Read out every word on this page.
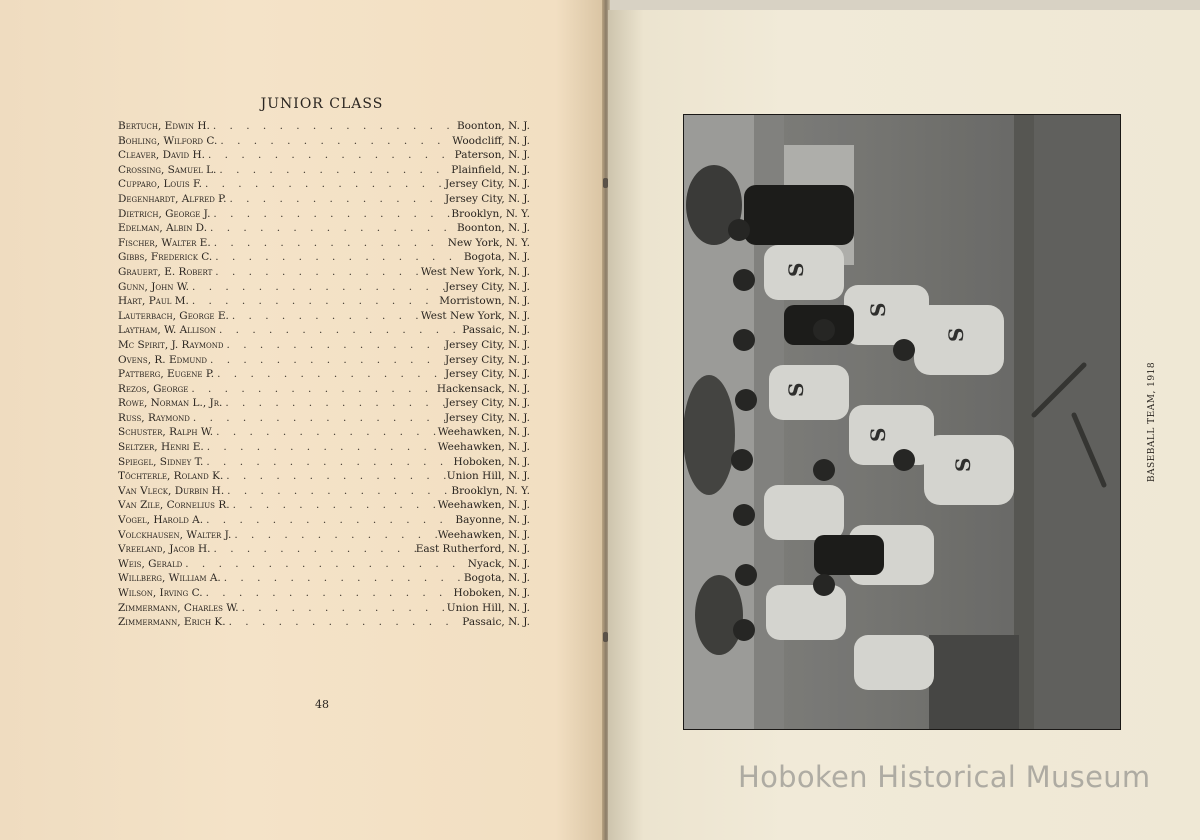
JUNIOR CLASS
Bertuch, Edwin H. . . .	Boonton, N. J.
Bohling, Wilford C. . . .	Woodcliff, N. J.
Cleaver, David H. . . .	Paterson, N. J.
Crossing, Samuel L. . . .	Plainfield, N. J.
Cupparo, Louis F. . . .	Jersey City, N. J.
Degenhardt, Alfred P. . . .	Jersey City, N. J.
Dietrich, George J. . . .	Brooklyn, N. Y.
Edelman, Albin D. . . .	Boonton, N. J.
Fischer, Walter E. . . .	New York, N. Y.
Gibbs, Frederick C. . . .	Bogota, N. J.
Grauert, E. Robert . . .	West New York, N. J.
Gunn, John W. . . .	Jersey City, N. J.
Hart, Paul M. . . .	Morristown, N. J.
Lauterbach, George E. . . .	West New York, N. J.
Laytham, W. Allison . . .	Passaic, N. J.
Mc Spirit, J. Raymond . . .	Jersey City, N. J.
Ovens, R. Edmund . . .	Jersey City, N. J.
Pattberg, Eugene P. . . .	Jersey City, N. J.
Rezos, George . . .	Hackensack, N. J.
Rowe, Norman L., Jr. . . .	Jersey City, N. J.
Russ, Raymond . . .	Jersey City, N. J.
Schuster, Ralph W. . . .	Weehawken, N. J.
Seltzer, Henri E. . . .	Weehawken, N. J.
Spiegel, Sidney T. . . .	Hoboken, N. J.
Töchterle, Roland K. . . .	Union Hill, N. J.
Van Vleck, Durbin H. . . .	Brooklyn, N. Y.
Van Zile, Cornelius R. . . .	Weehawken, N. J.
Vogel, Harold A. . . .	Bayonne, N. J.
Volckhausen, Walter J. . . .	Weehawken, N. J.
Vreeland, Jacob H. . . .	East Rutherford, N. J.
Weis, Gerald . . .	Nyack, N. J.
Willberg, William A. . . .	Bogota, N. J.
Wilson, Irving C. . . .	Hoboken, N. J.
Zimmermann, Charles W. . . .	Union Hill, N. J.
Zimmermann, Erich K. . . .	Passaic, N. J.
48
S
S
S
S
S
S	BASEBALL TEAM, 1918
Hoboken Historical Museum
